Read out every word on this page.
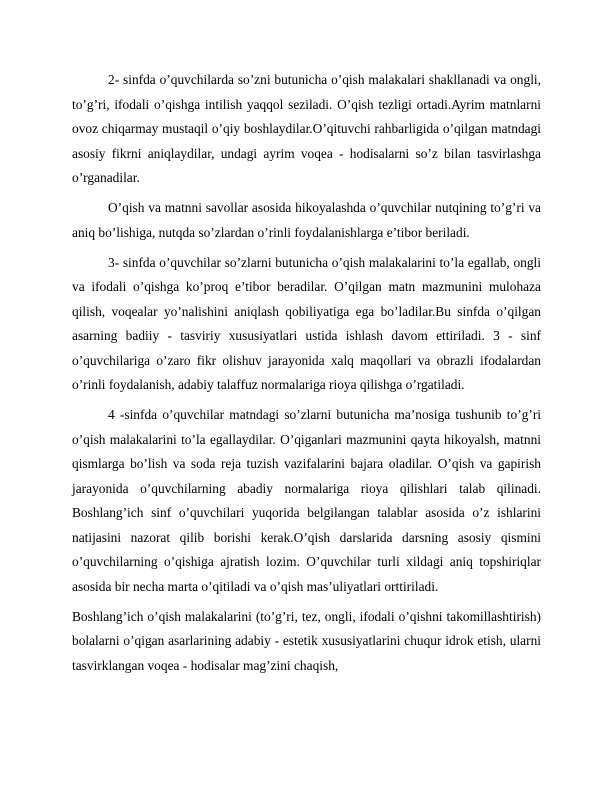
2- sinfda o’quvchilarda so’zni butunicha o’qish malakalari shakllanadi va ongli, to’g’ri, ifodali o’qishga intilish yaqqol seziladi. O’qish tezligi ortadi.Ayrim matnlarni ovoz chiqarmay mustaqil o’qiy boshlaydilar.O’qituvchi rahbarligida o’qilgan matndagi asosiy fikrni aniqlaydilar, undagi ayrim voqea - hodisalarni so’z bilan tasvirlashga o’rganadilar.

O’qish va matnni savollar asosida hikoyalashda o’quvchilar nutqining to’g’ri va aniq bo’lishiga, nutqda so’zlardan o’rinli foydalanishlarga e’tibor beriladi.

3- sinfda o’quvchilar so’zlarni butunicha o’qish malakalarini to’la egallab, ongli va ifodali o’qishga ko’proq e’tibor beradilar. O’qilgan matn mazmunini mulohaza qilish, voqealar yo’nalishini aniqlash qobiliyatiga ega bo’ladilar.Bu sinfda o’qilgan asarning badiiy - tasviriy xususiyatlari ustida ishlash davom ettiriladi. 3 - sinf o’quvchilariga o’zaro fikr olishuv jarayonida xalq maqollari va obrazli ifodalardan o’rinli foydalanish, adabiy talaffuz normalariga rioya qilishga o’rgatiladi.

4 -sinfda o’quvchilar matndagi so’zlarni butunicha ma’nosiga tushunib to’g’ri o’qish malakalarini to’la egallaydilar. O’qiganlari mazmunini qayta hikoyalsh, matnni qismlarga bo’lish va soda reja tuzish vazifalarini bajara oladilar. O’qish va gapirish jarayonida o’quvchilarning abadiy normalariga rioya qilishlari talab qilinadi. Boshlang’ich sinf o’quvchilari yuqorida belgilangan talablar asosida o’z ishlarini natijasini nazorat qilib borishi kerak.O’qish darslarida darsning asosiy qismini o’quvchilarning o’qishiga ajratish lozim. O’quvchilar turli xildagi aniq topshiriqlar asosida bir necha marta o’qitiladi va o’qish mas’uliyatlari orttiriladi.

Boshlang’ich o’qish malakalarini (to’g’ri, tez, ongli, ifodali o’qishni takomillashtirish) bolalarni o’qigan asarlarining adabiy - estetik xususiyatlarini chuqur idrok etish, ularni tasvirklangan voqea - hodisalar mag’zini chaqish,
